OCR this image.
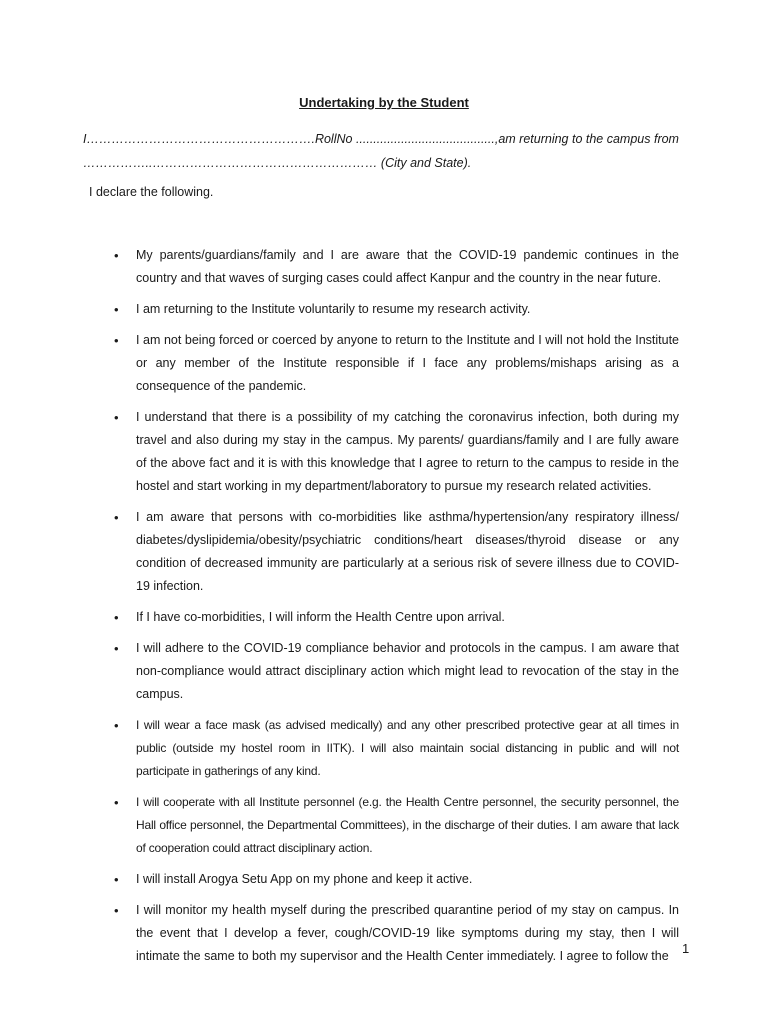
Undertaking by the Student
I……………………………………………….RollNo ........................................,am returning to the campus from
……………..……………………………………………… (City and State).
I declare the following.
• My parents/guardians/family and I are aware that the COVID-19 pandemic continues in the country and that waves of surging cases could affect Kanpur and the country in the near future.
• I am returning to the Institute voluntarily to resume my research activity.
• I am not being forced or coerced by anyone to return to the Institute and I will not hold the Institute or any member of the Institute responsible if I face any problems/mishaps arising as a consequence of the pandemic.
• I understand that there is a possibility of my catching the coronavirus infection, both during my travel and also during my stay in the campus. My parents/ guardians/family and I are fully aware of the above fact and it is with this knowledge that I agree to return to the campus to reside in the hostel and start working in my department/laboratory to pursue my research related activities.
• I am aware that persons with co-morbidities like asthma/hypertension/any respiratory illness/ diabetes/dyslipidemia/obesity/psychiatric conditions/heart diseases/thyroid disease or any condition of decreased immunity are particularly at a serious risk of severe illness due to COVID-19 infection.
• If I have co-morbidities, I will inform the Health Centre upon arrival.
• I will adhere to the COVID-19 compliance behavior and protocols in the campus. I am aware that non-compliance would attract disciplinary action which might lead to revocation of the stay in the campus.
• I will wear a face mask (as advised medically) and any other prescribed protective gear at all times in public (outside my hostel room in IITK). I will also maintain social distancing in public and will not participate in gatherings of any kind.
• I will cooperate with all Institute personnel (e.g. the Health Centre personnel, the security personnel, the Hall office personnel, the Departmental Committees), in the discharge of their duties. I am aware that lack of cooperation could attract disciplinary action.
• I will install Arogya Setu App on my phone and keep it active.
• I will monitor my health myself during the prescribed quarantine period of my stay on campus. In the event that I develop a fever, cough/COVID-19 like symptoms during my stay, then I will intimate the same to both my supervisor and the Health Center immediately. I agree to follow the	1
